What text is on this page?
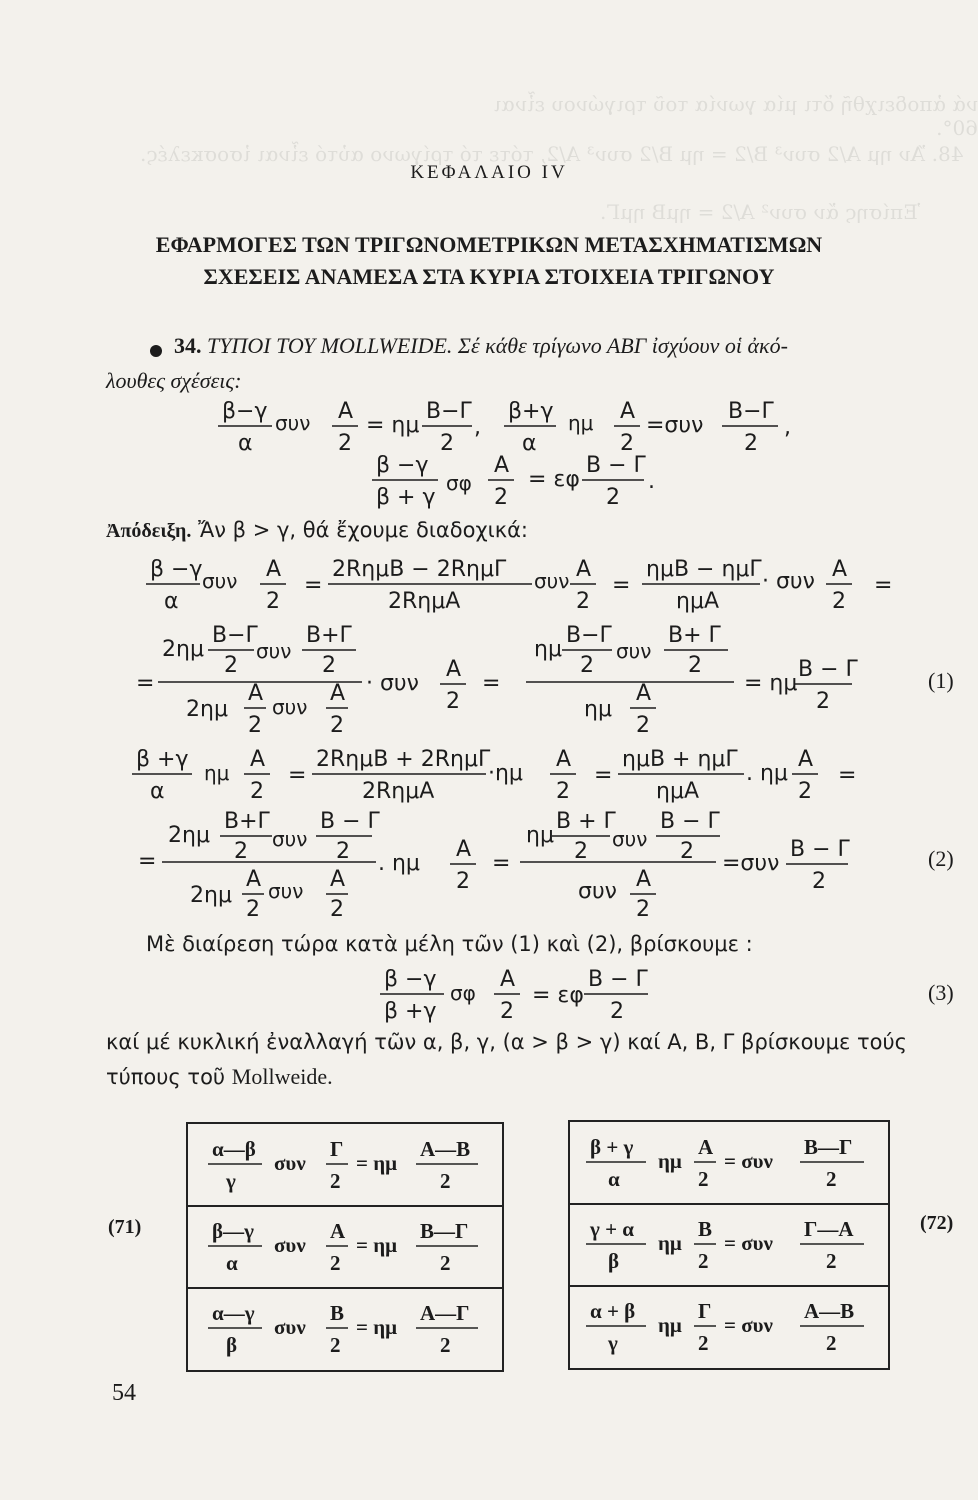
νά ἀποδειχθῆ ὅτι μία γωνία τοῦ τριγώνου εἶναι 60°.
48. Ἄν ημ Α/2 συν³ Β/2 = ημ Β/2 συν³ Α/2, τότε τό τρίγωνο αὐτό εἶναι ἰσοσκελές.
Ἐπίσης ἄν συν² Α/2 = ημΒ ημΓ.
ΚΕΦΑΛΑΙΟ IV
ΕΦΑΡΜΟΓΕΣ ΤΩΝ ΤΡΙΓΩΝΟΜΕΤΡΙΚΩΝ ΜΕΤΑΣΧΗΜΑΤΙΣΜΩΝ
ΣΧΕΣΕΙΣ ΑΝΑΜΕΣΑ ΣΤΑ ΚΥΡΙΑ ΣΤΟΙΧΕΙΑ ΤΡΙΓΩΝΟΥ
34. ΤΥΠΟΙ ΤΟΥ MOLLWEIDE. Σέ κάθε τρίγωνο ΑΒΓ ἰσχύουν οἱ ἀκό-
λουθες σχέσεις:
β−γ
α
συν A
2
= ημ
B−Γ
2
,
β+γ
α
ημ A
2
=συν
B−Γ
2
,
β −γ
β + γ
σφ
A
2
= εφ
B − Γ
2
.
Ἀπόδειξη. Ἄν β > γ, θά ἔχουμε διαδοχικά:
β −γ
α
συν A
2
=
2RημΒ − 2RημΓ
2RημΑ
συν A
2
=
ημΒ − ημΓ
ημΑ
· συν A
2
=
2ημ
B−Γ
2
συν
B+Γ
2
=
2ημ
A
2
συν
A
2
· συν
A
2
=
ημ
B−Γ
2
συν
B+ Γ
2
ημ
A
2
= ημ
B − Γ
2
(1)
β +γ
α
ημ
A
2
=
2RημΒ + 2RημΓ
2RημΑ
·ημ
A
2
=
ημΒ + ημΓ
ημΑ
. ημ
A
2
=
2ημ
B+Γ
2 συν
B − Γ
2
=
2ημ
A
2
συν A
2
. ημ
A
2
=
ημ
B + Γ
2 συν
B − Γ
2
συν A
2
=συν
B − Γ
2
(2)
Μὲ διαίρεση τώρα κατὰ μέλη τῶν (1) καὶ (2), βρίσκουμε :
β −γ
β +γ
σφ
A
2
= εφ
B − Γ
2
(3)
καί μέ κυκλική ἐναλλαγή τῶν α, β, γ, (α > β > γ) καί Α, Β, Γ βρίσκουμε τούς
τύπους τοῦ Mollweide.
(71)	(72)
α—β
γ
συν
Γ
2
= ημ
Α—Β
2
β—γ
α
συν
Α
2
= ημ
Β—Γ
2
α—γ
β
συν
Β
2
= ημ
Α—Γ
2
β + γ
α
ημ
Α
2
= συν
Β—Γ
2
γ + α
β
ημ
Β
2
= συν
Γ—Α
2
α + β
γ
ημ
Γ
2
= συν
Α—Β
2
54
